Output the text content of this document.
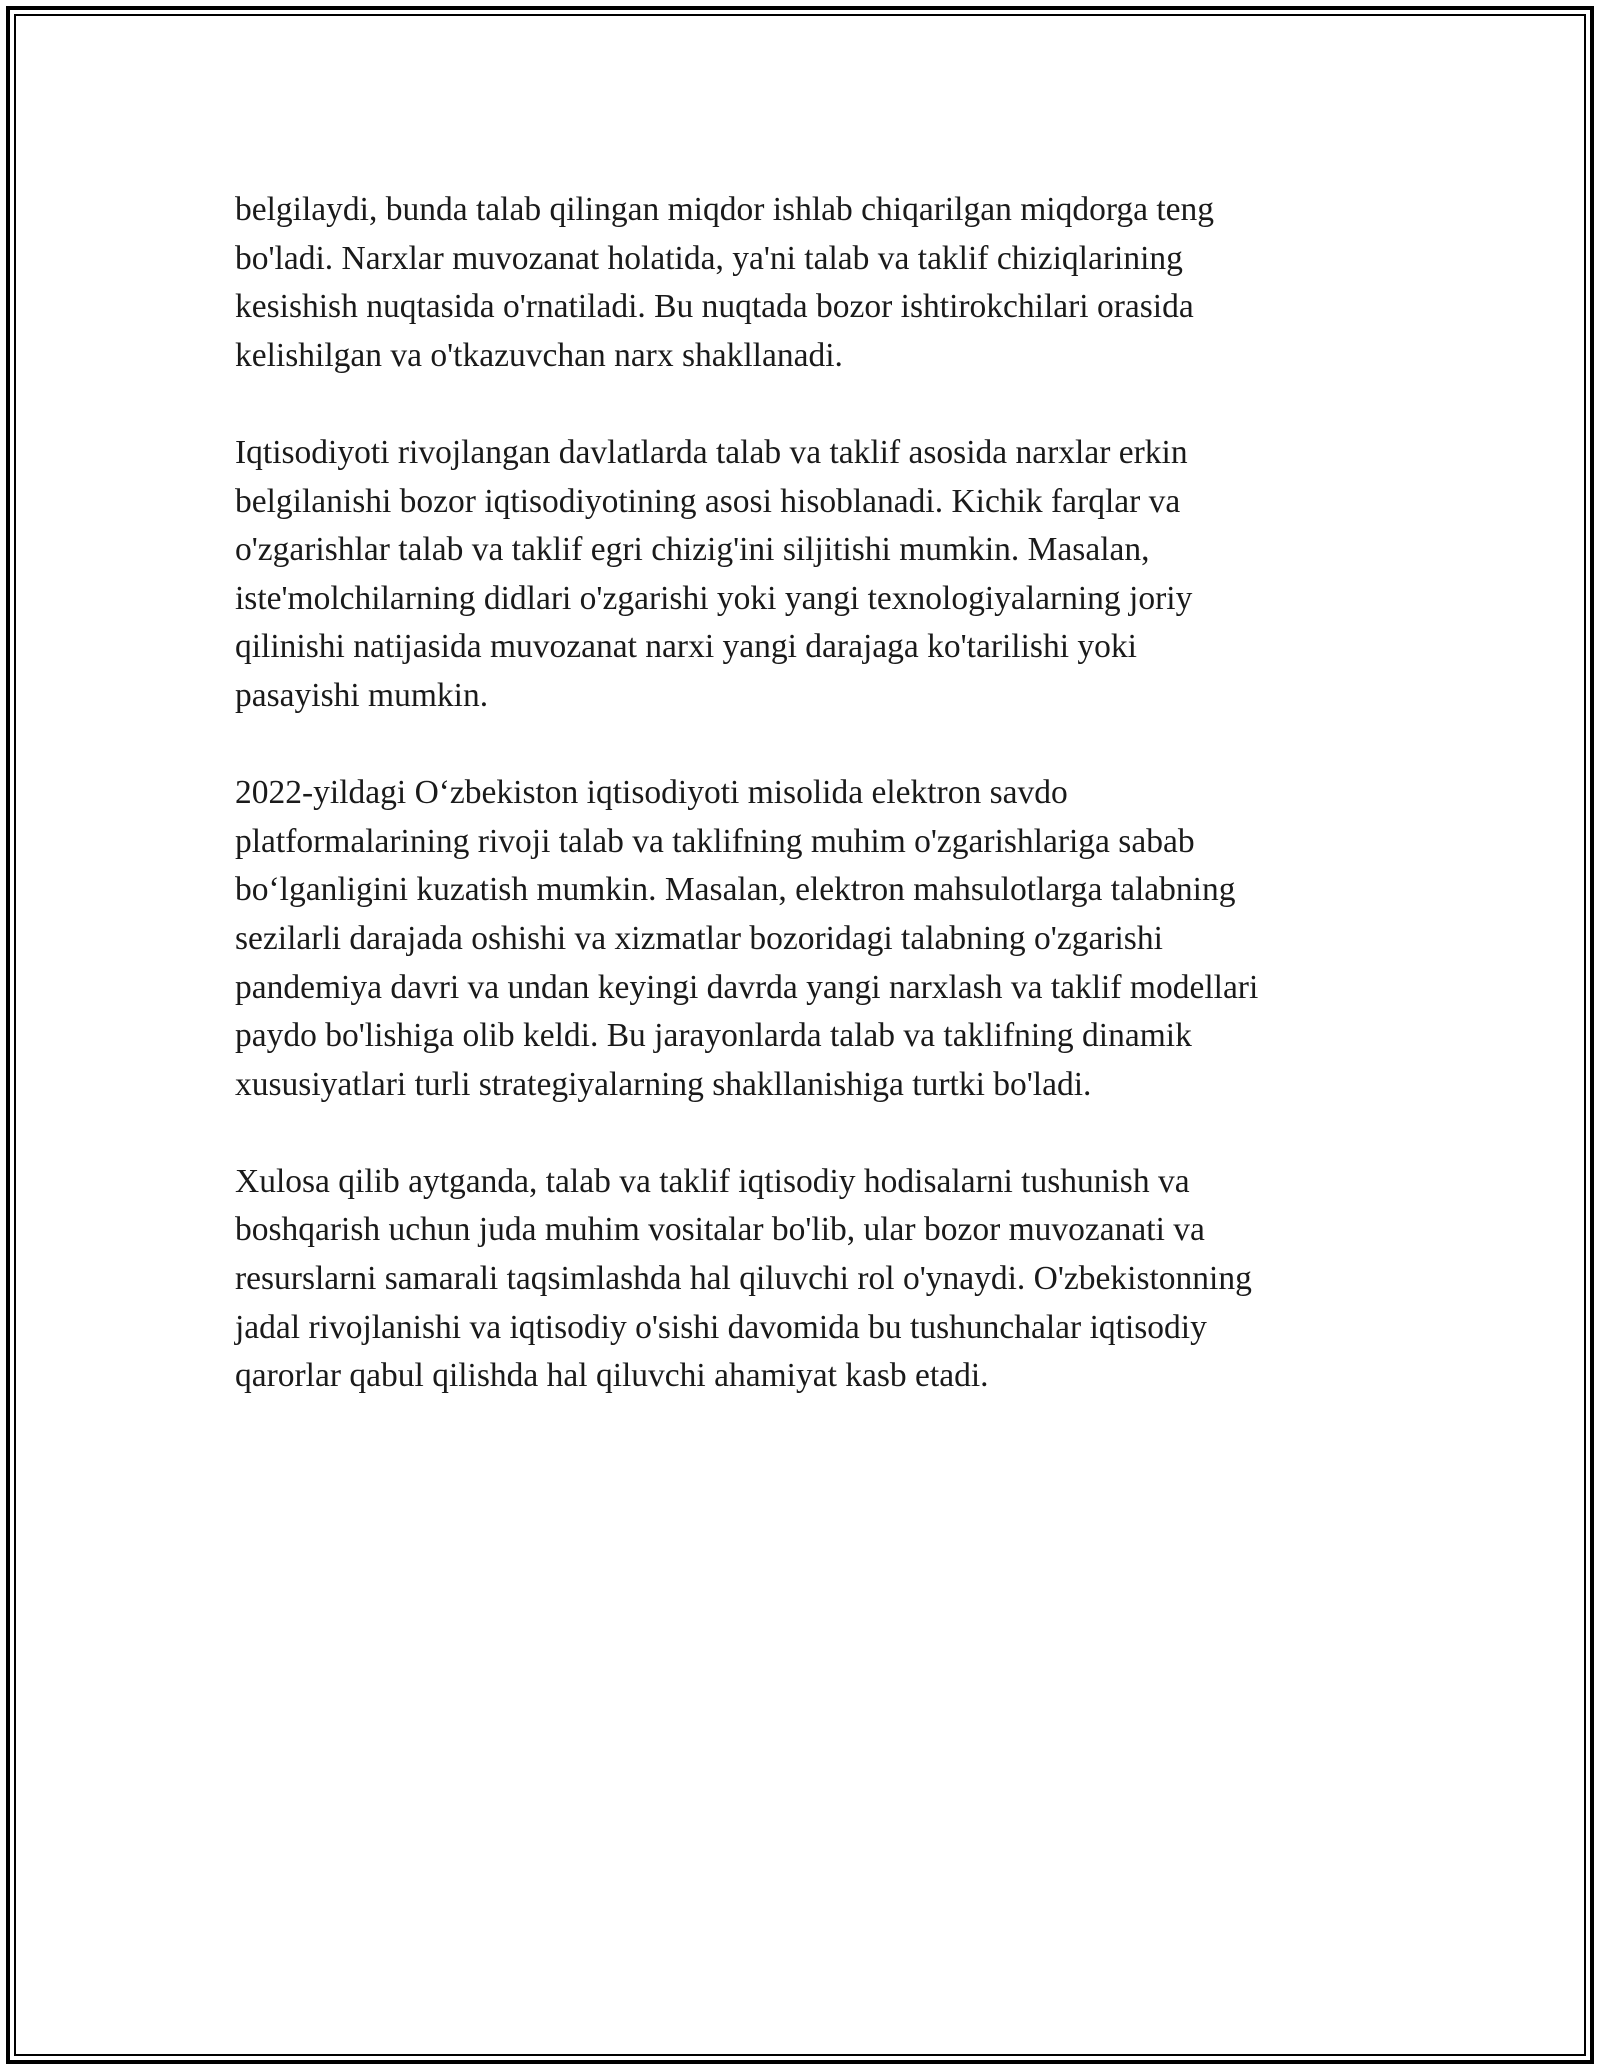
belgilaydi, bunda talab qilingan miqdor ishlab chiqarilgan miqdorga teng
bo'ladi. Narxlar muvozanat holatida, ya'ni talab va taklif chiziqlarining
kesishish nuqtasida o'rnatiladi. Bu nuqtada bozor ishtirokchilari orasida
kelishilgan va o'tkazuvchan narx shakllanadi.

Iqtisodiyoti rivojlangan davlatlarda talab va taklif asosida narxlar erkin
belgilanishi bozor iqtisodiyotining asosi hisoblanadi. Kichik farqlar va
o'zgarishlar talab va taklif egri chizig'ini siljitishi mumkin. Masalan,
iste'molchilarning didlari o'zgarishi yoki yangi texnologiyalarning joriy
qilinishi natijasida muvozanat narxi yangi darajaga ko'tarilishi yoki
pasayishi mumkin.

2022-yildagi O‘zbekiston iqtisodiyoti misolida elektron savdo
platformalarining rivoji talab va taklifning muhim o'zgarishlariga sabab
bo‘lganligini kuzatish mumkin. Masalan, elektron mahsulotlarga talabning
sezilarli darajada oshishi va xizmatlar bozoridagi talabning o'zgarishi
pandemiya davri va undan keyingi davrda yangi narxlash va taklif modellari
paydo bo'lishiga olib keldi. Bu jarayonlarda talab va taklifning dinamik
xususiyatlari turli strategiyalarning shakllanishiga turtki bo'ladi.

Xulosa qilib aytganda, talab va taklif iqtisodiy hodisalarni tushunish va
boshqarish uchun juda muhim vositalar bo'lib, ular bozor muvozanati va
resurslarni samarali taqsimlashda hal qiluvchi rol o'ynaydi. O'zbekistonning
jadal rivojlanishi va iqtisodiy o'sishi davomida bu tushunchalar iqtisodiy
qarorlar qabul qilishda hal qiluvchi ahamiyat kasb etadi.
